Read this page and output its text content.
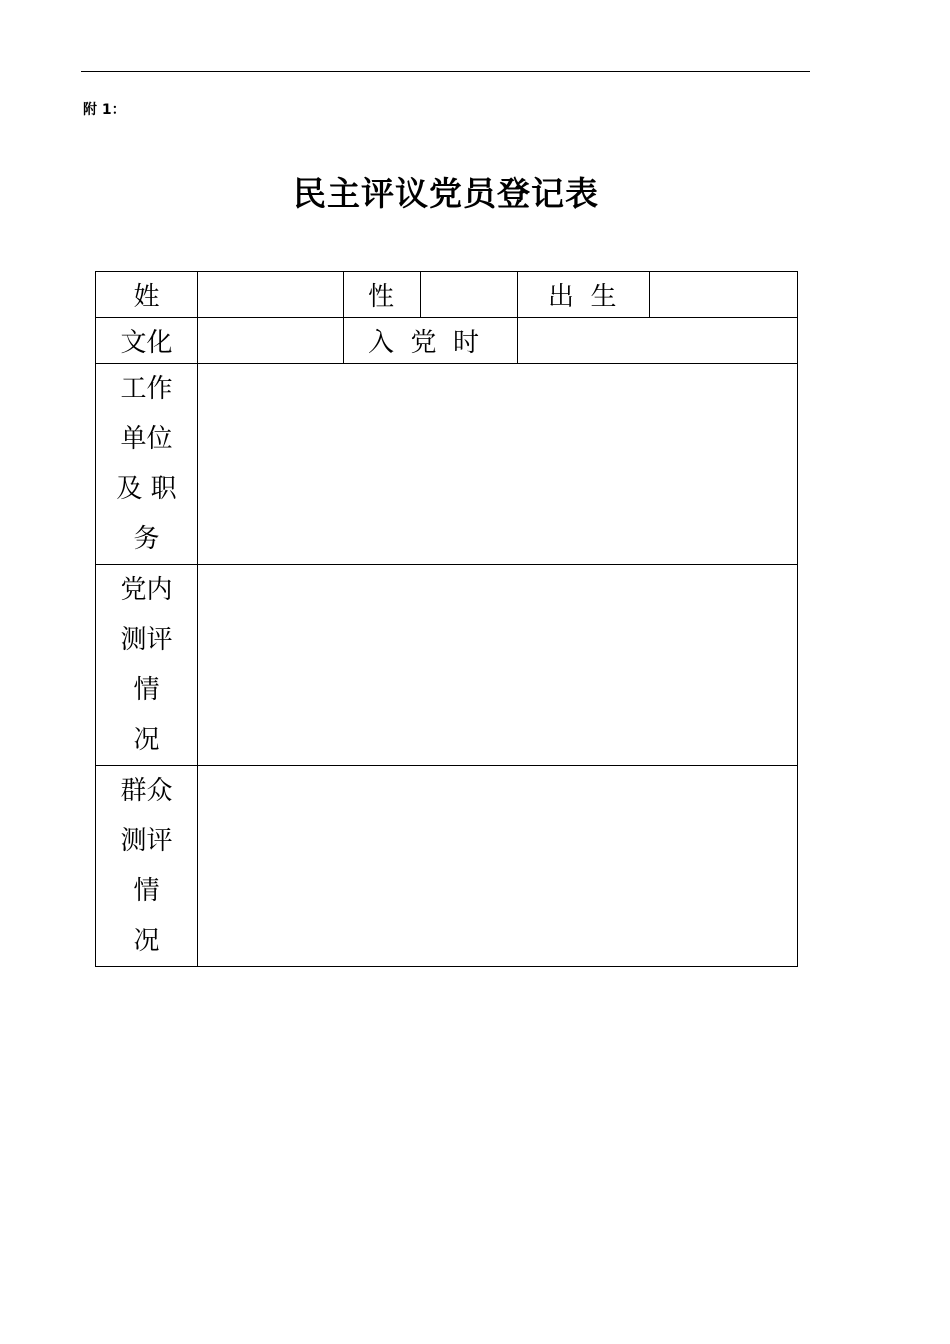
附 1：
民主评议党员登记表
姓		性		出  生	
文化		入  党  时			

工作
单位
及 职
务					

党内
测评
情
况					

群众
测评
情
况					
